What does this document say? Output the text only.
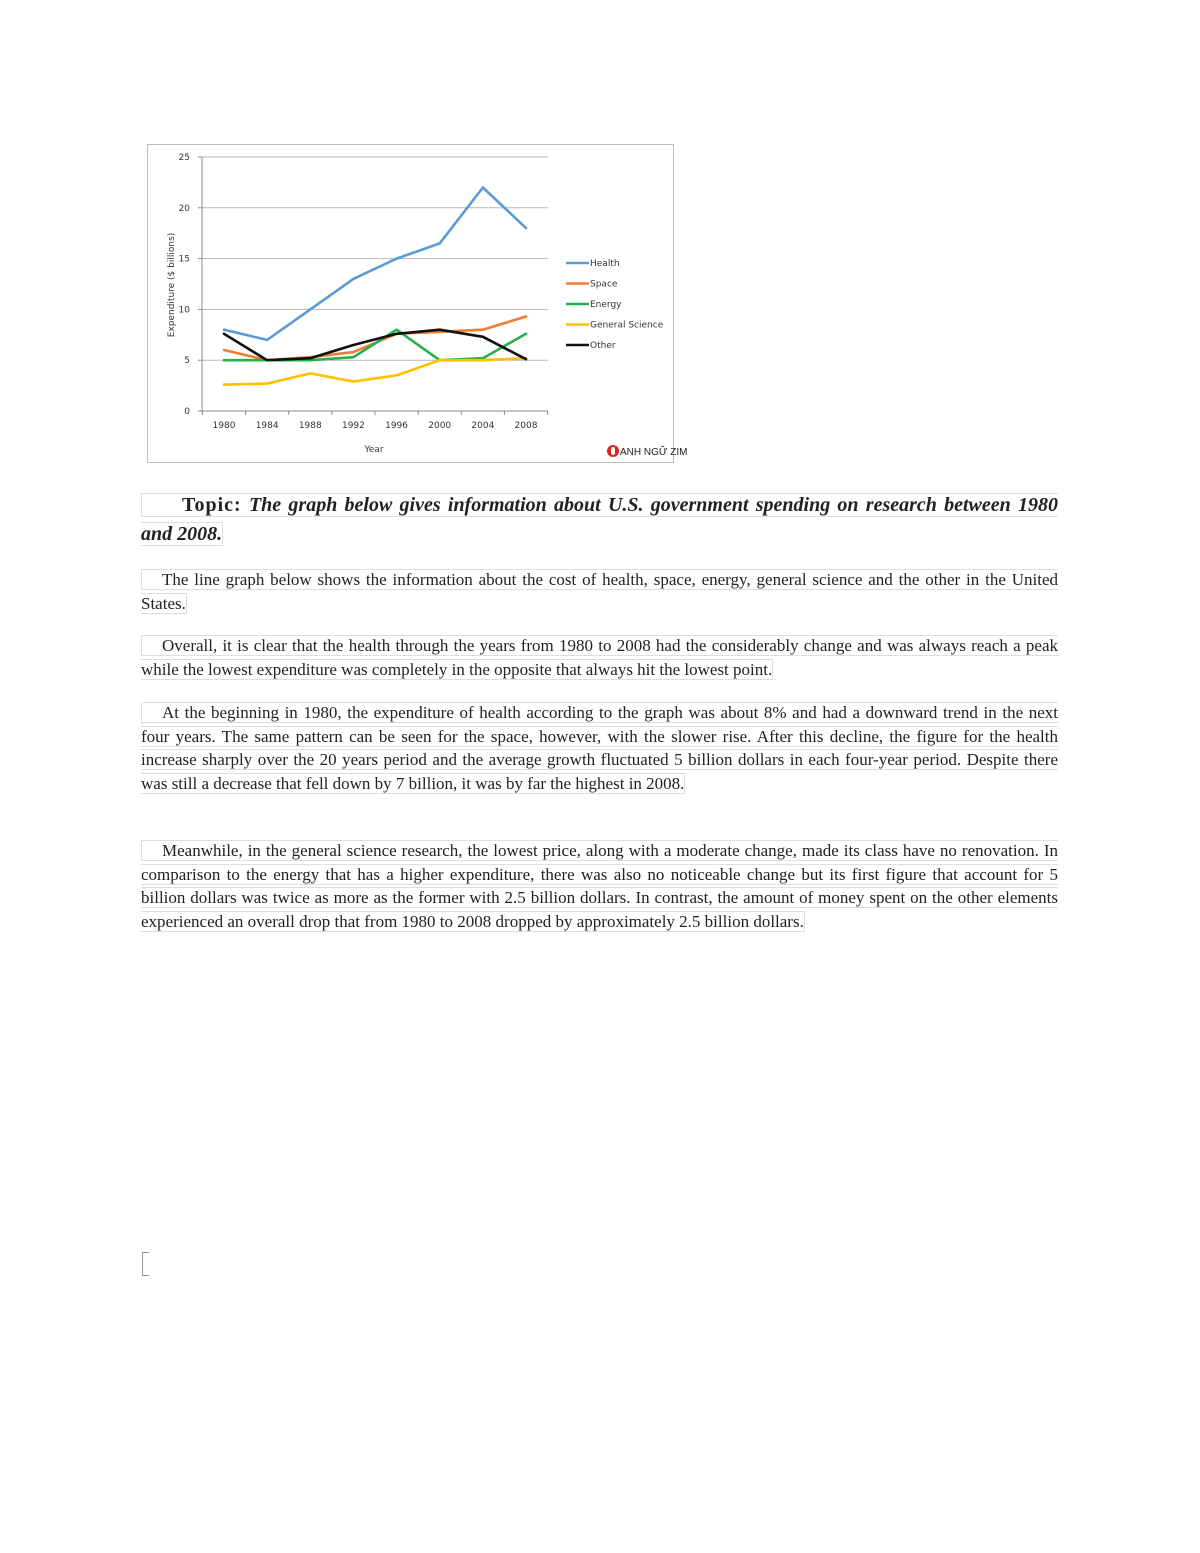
0
5
10
15
20
25
1980 1984 1988 1992 1996 2000 2004 2008
Health
Space
Energy
General Science
Other
Expenditure ($ billions)
Year	ANH NGỮ ZIM

Topic: The graph below gives information about U.S. government spending on research between 1980 and 2008.

The line graph below shows the information about the cost of health, space, energy, general science and the other in the United States.

Overall, it is clear that the health through the years from 1980 to 2008 had the considerably change and was always reach a peak while the lowest expenditure was completely in the opposite that always hit the lowest point.

At the beginning in 1980, the expenditure of health according to the graph was about 8% and had a downward trend in the next four years. The same pattern can be seen for the space, however, with the slower rise. After this decline, the figure for the health increase sharply over the 20 years period and the average growth fluctuated 5 billion dollars in each four-year period. Despite there was still a decrease that fell down by 7 billion, it was by far the highest in 2008.

Meanwhile, in the general science research, the lowest price, along with a moderate change, made its class have no renovation. In comparison to the energy that has a higher expenditure, there was also no noticeable change but its first figure that account for 5 billion dollars was twice as more as the former with 2.5 billion dollars. In contrast, the amount of money spent on the other elements experienced an overall drop that from 1980 to 2008 dropped by approximately 2.5 billion dollars.
